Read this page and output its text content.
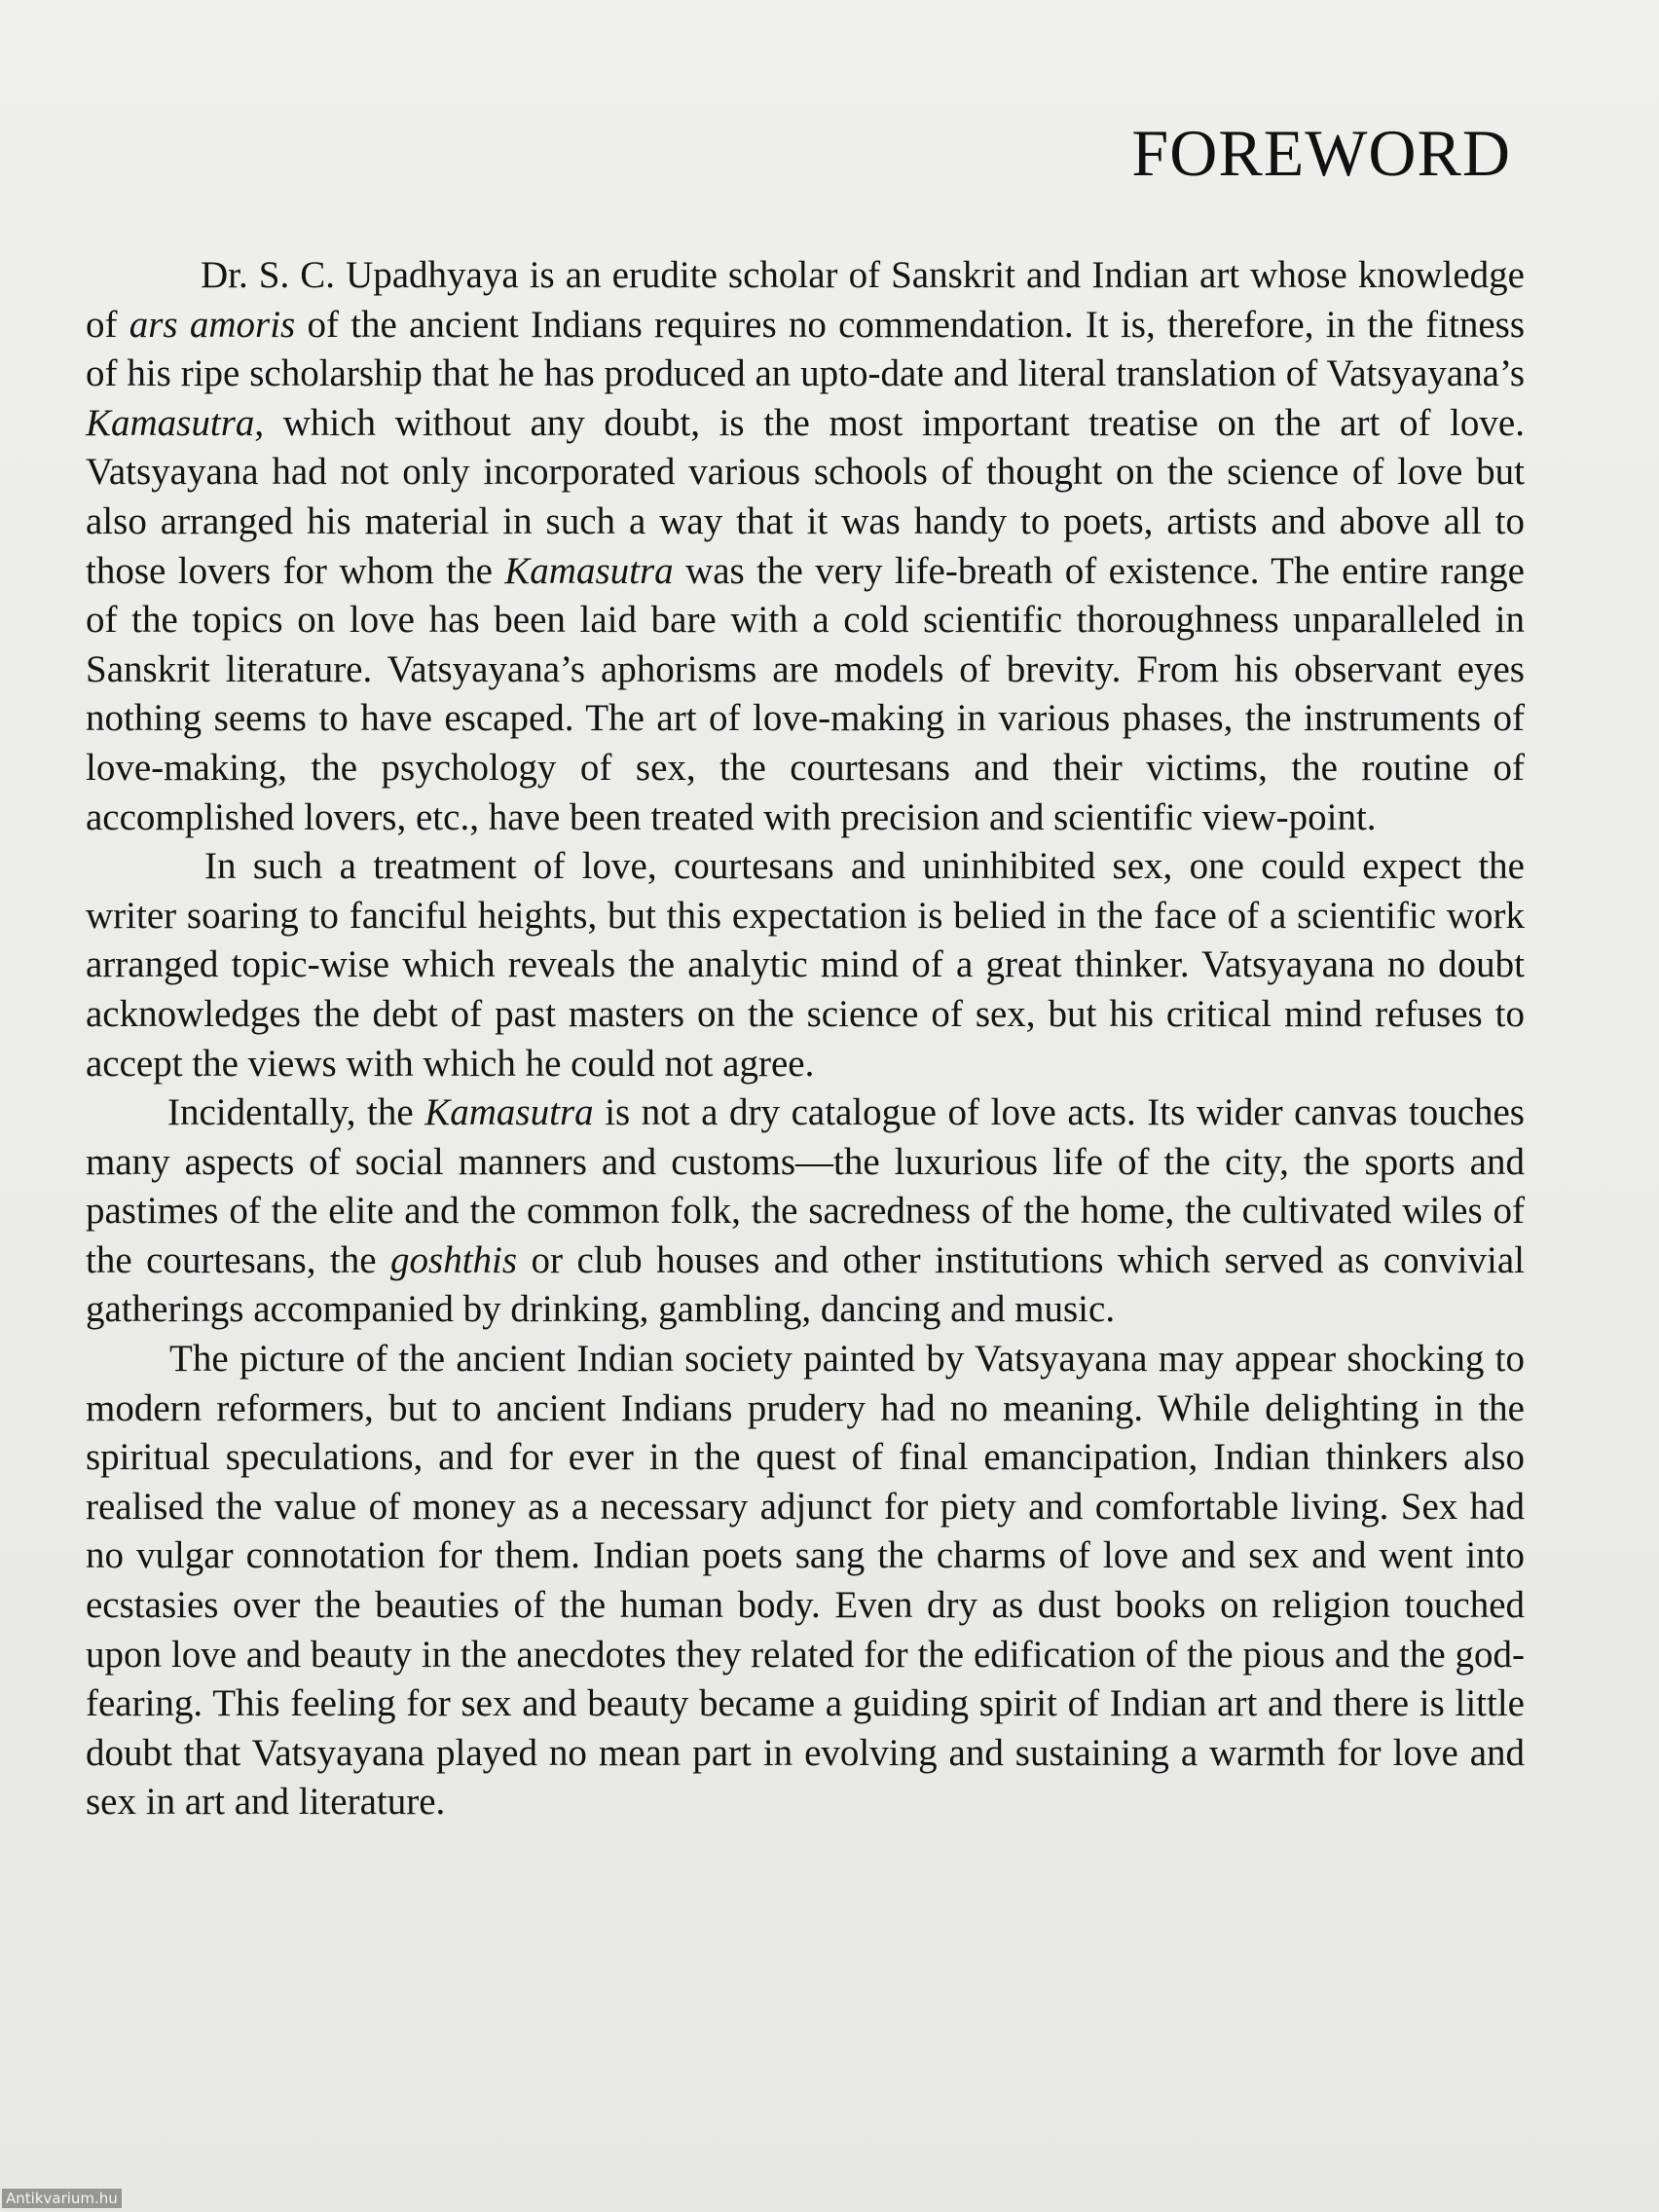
FOREWORD

Dr. S. C. Upadhyaya is an erudite scholar of Sanskrit and Indian art whose knowledge of ars amoris of the ancient Indians requires no commendation. It is, therefore, in the fitness of his ripe scholarship that he has produced an upto-date and literal translation of Vatsyayana’s Kamasutra, which without any doubt, is the most important treatise on the art of love. Vatsyayana had not only incorporated various schools of thought on the science of love but also arranged his material in such a way that it was handy to poets, artists and above all to those lovers for whom the Kamasutra was the very life-breath of existence. The entire range of the topics on love has been laid bare with a cold scientific thoroughness unparalleled in Sanskrit literature. Vatsyayana’s aphorisms are models of brevity. From his observant eyes nothing seems to have escaped. The art of love-making in various phases, the instruments of love-making, the psychology of sex, the courtesans and their victims, the routine of accomplished lovers, etc., have been treated with precision and scientific view-point.

In such a treatment of love, courtesans and uninhibited sex, one could expect the writer soaring to fanciful heights, but this expectation is belied in the face of a scientific work arranged topic-wise which reveals the analytic mind of a great thinker. Vatsyayana no doubt acknowledges the debt of past masters on the science of sex, but his critical mind refuses to accept the views with which he could not agree.

Incidentally, the Kamasutra is not a dry catalogue of love acts. Its wider canvas touches many aspects of social manners and customs—the luxurious life of the city, the sports and pastimes of the elite and the common folk, the sacredness of the home, the cultivated wiles of the courtesans, the goshthis or club houses and other institutions which served as convivial gatherings accompanied by drinking, gambling, dancing and music.

The picture of the ancient Indian society painted by Vatsyayana may appear shocking to modern reformers, but to ancient Indians prudery had no meaning. While delighting in the spiritual speculations, and for ever in the quest of final emancipation, Indian thinkers also realised the value of money as a necessary adjunct for piety and comfortable living. Sex had no vulgar connotation for them. Indian poets sang the charms of love and sex and went into ecstasies over the beauties of the human body. Even dry as dust books on religion touched upon love and beauty in the anecdotes they related for the edification of the pious and the god-fearing. This feeling for sex and beauty became a guiding spirit of Indian art and there is little doubt that Vatsyayana played no mean part in evolving and sustaining a warmth for love and sex in art and literature.

Antikvarium.hu
